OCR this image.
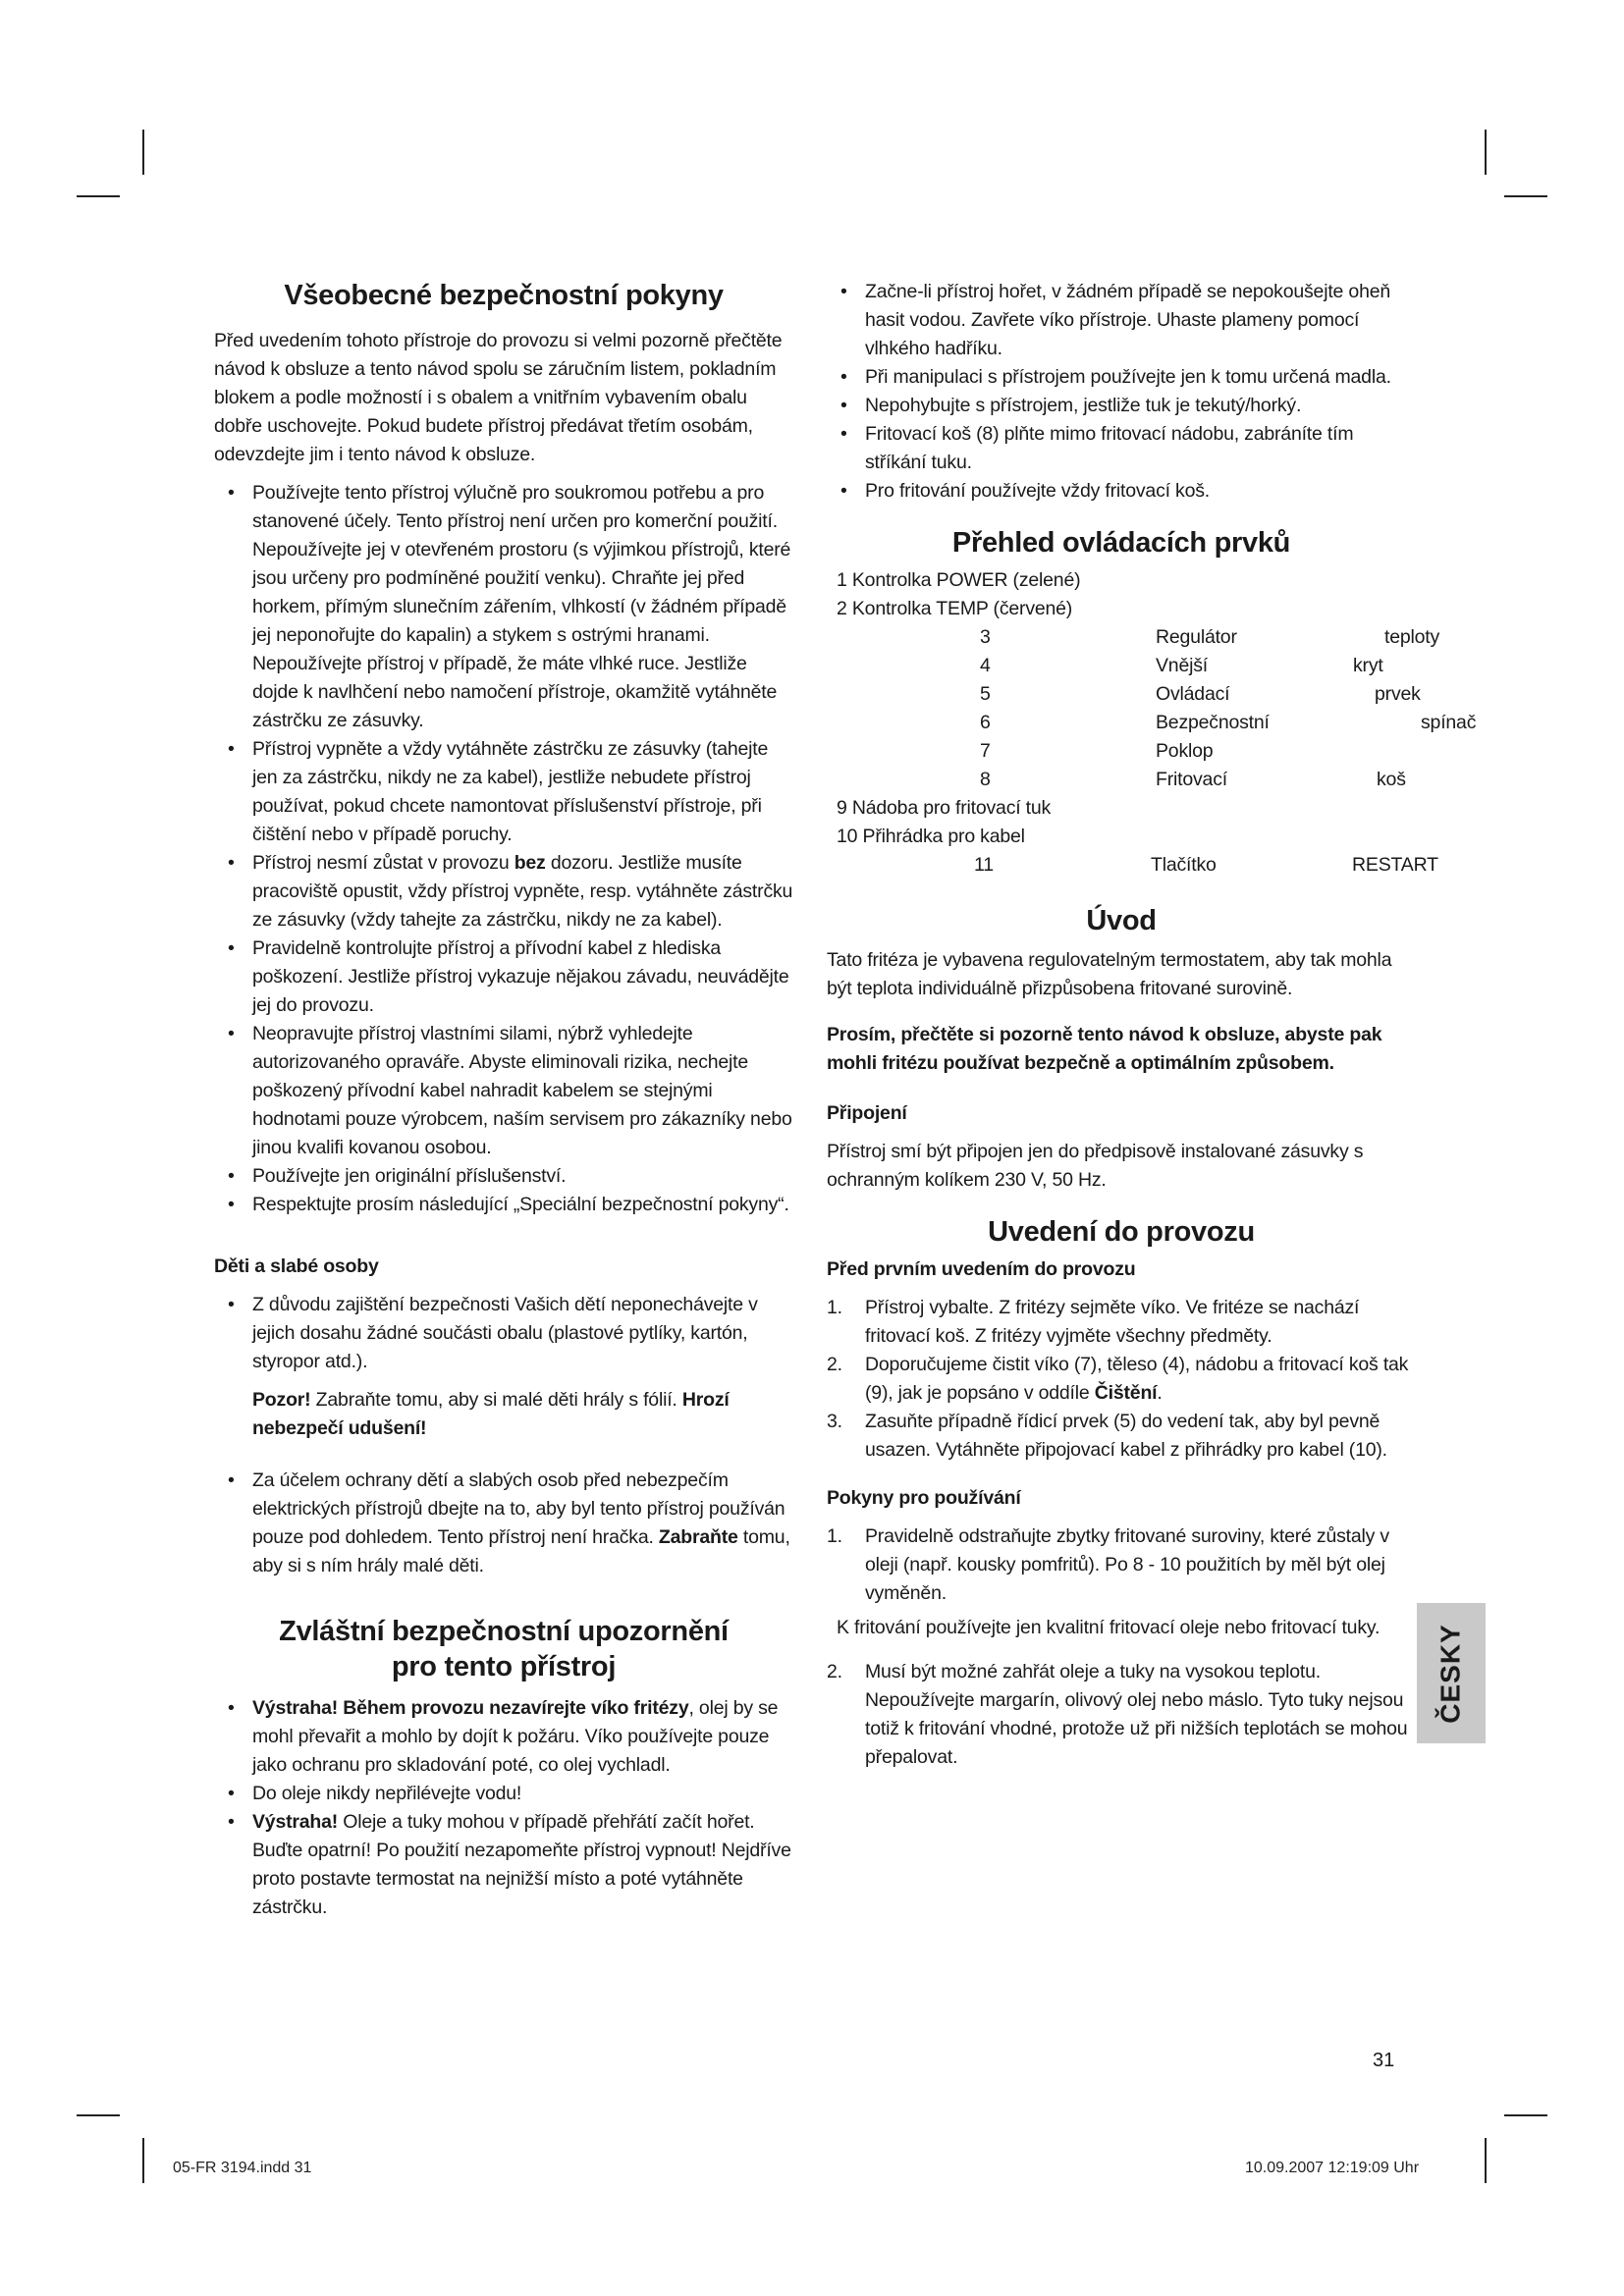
Všeobecné bezpečnostní pokyny

Před uvedením tohoto přístroje do provozu si velmi pozorně přečtěte návod k obsluze a tento návod spolu se záručním listem, pokladním blokem a podle možností i s obalem a vnitřním vybavením obalu dobře uschovejte. Pokud budete přístroj předávat třetím osobám, odevzdejte jim i tento návod k obsluze.

• Používejte tento přístroj výlučně pro soukromou potřebu a pro stanovené účely. Tento přístroj není určen pro komerční použití. Nepoužívejte jej v otevřeném prostoru (s výjimkou přístrojů, které jsou určeny pro podmíněné použití venku). Chraňte jej před horkem, přímým slunečním zářením, vlhkostí (v žádném případě jej neponořujte do kapalin) a stykem s ostrými hranami. Nepoužívejte přístroj v případě, že máte vlhké ruce. Jestliže dojde k navlhčení nebo namočení přístroje, okamžitě vytáhněte zástrčku ze zásuvky.
• Přístroj vypněte a vždy vytáhněte zástrčku ze zásuvky (tahejte jen za zástrčku, nikdy ne za kabel), jestliže nebudete přístroj používat, pokud chcete namontovat příslušenství přístroje, při čištění nebo v případě poruchy.
• Přístroj nesmí zůstat v provozu bez dozoru. Jestliže musíte pracoviště opustit, vždy přístroj vypněte, resp. vytáhněte zástrčku ze zásuvky (vždy tahejte za zástrčku, nikdy ne za kabel).
• Pravidelně kontrolujte přístroj a přívodní kabel z hlediska poškození. Jestliže přístroj vykazuje nějakou závadu, neuvádějte jej do provozu.
• Neopravujte přístroj vlastními silami, nýbrž vyhledejte autorizovaného opraváře. Abyste eliminovali rizika, nechejte poškozený přívodní kabel nahradit kabelem se stejnými hodnotami pouze výrobcem, naším servisem pro zákazníky nebo jinou kvalifi kovanou osobou.
• Používejte jen originální příslušenství.
• Respektujte prosím následující „Speciální bezpečnostní pokyny“.
Děti a slabé osoby
• Z důvodu zajištění bezpečnosti Vašich dětí neponechávejte v jejich dosahu žádné součásti obalu (plastové pytlíky, kartón, styropor atd.).

Pozor! Zabraňte tomu, aby si malé děti hrály s fólií. Hrozí nebezpečí udušení!

• Za účelem ochrany dětí a slabých osob před nebezpečím elektrických přístrojů dbejte na to, aby byl tento přístroj používán pouze pod dohledem. Tento přístroj není hračka. Zabraňte tomu, aby si s ním hrály malé děti.
Zvláštní bezpečnostní upozornění
pro tento přístroj
• Výstraha! Během provozu nezavírejte víko fritézy, olej by se mohl převařit a mohlo by dojít k požáru. Víko používejte pouze jako ochranu pro skladování poté, co olej vychladl.
• Do oleje nikdy nepřilévejte vodu!
• Výstraha! Oleje a tuky mohou v případě přehřátí začít hořet. Buďte opatrní! Po použití nezapomeňte přístroj vypnout! Nejdříve proto postavte termostat na nejnižší místo a poté vytáhněte zástrčku.
• Začne-li přístroj hořet, v žádném případě se nepokoušejte oheň hasit vodou. Zavřete víko přístroje. Uhaste plameny pomocí vlhkého hadříku.
• Při manipulaci s přístrojem používejte jen k tomu určená madla.
• Nepohybujte s přístrojem, jestliže tuk je tekutý/horký.
• Fritovací koš (8) plňte mimo fritovací nádobu, zabráníte tím stříkání tuku.
• Pro fritování používejte vždy fritovací koš.
Přehled ovládacích prvků
1 Kontrolka POWER (zelené)
2 Kontrolka TEMP (červené)
3	Regulátor	teploty
4	Vnější	kryt
5	Ovládací	prvek
6	Bezpečnostní	spínač
7	Poklop
8	Fritovací	koš
9 Nádoba pro fritovací tuk
10 Přihrádka pro kabel
11	Tlačítko	RESTART
Úvod

Tato fritéza je vybavena regulovatelným termostatem, aby tak mohla být teplota individuálně přizpůsobena fritované surovině.

Prosím, přečtěte si pozorně tento návod k obsluze, abyste pak mohli fritézu používat bezpečně a optimálním způsobem.

Připojení

Přístroj smí být připojen jen do předpisově instalované zásuvky s ochranným kolíkem 230 V, 50 Hz.

Uvedení do provozu
Před prvním uvedením do provozu
1. Přístroj vybalte. Z fritézy sejměte víko. Ve fritéze se nachází fritovací koš. Z fritézy vyjměte všechny předměty.
2. Doporučujeme čistit víko (7), těleso (4), nádobu a fritovací koš tak (9), jak je popsáno v oddíle Čištění.
3. Zasuňte případně řídicí prvek (5) do vedení tak, aby byl pevně usazen. Vytáhněte připojovací kabel z přihrádky pro kabel (10).
Pokyny pro používání
1. Pravidelně odstraňujte zbytky fritované suroviny, které zůstaly v oleji (např. kousky pomfritů). Po 8 - 10 použitích by měl být olej vyměněn.

K fritování používejte jen kvalitní fritovací oleje nebo fritovací tuky.

2. Musí být možné zahřát oleje a tuky na vysokou teplotu. Nepoužívejte margarín, olivový olej nebo máslo. Tyto tuky nejsou totiž k fritování vhodné, protože už při nižších teplotách se mohou přepalovat.
ČESKY
31
05-FR 3194.indd 31	10.09.2007 12:19:09 Uhr
